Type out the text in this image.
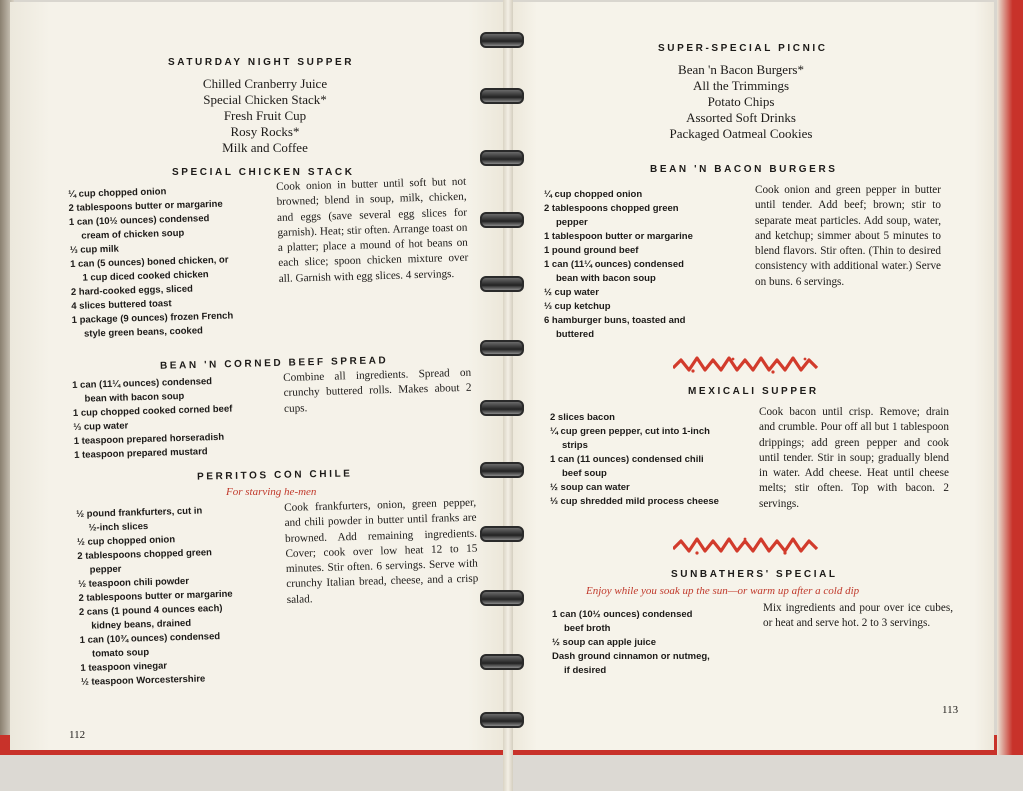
SATURDAY NIGHT SUPPER
Chilled Cranberry Juice
Special Chicken Stack*
Fresh Fruit Cup
Rosy Rocks*
Milk and Coffee
SPECIAL CHICKEN STACK
¼ cup chopped onion
2 tablespoons butter or margarine
1 can (10½ ounces) condensed
cream of chicken soup
⅓ cup milk
1 can (5 ounces) boned chicken, or
1 cup diced cooked chicken
2 hard-cooked eggs, sliced
4 slices buttered toast
1 package (9 ounces) frozen French
style green beans, cooked

Cook onion in butter until soft but not browned; blend in soup, milk, chicken, and eggs (save several egg slices for garnish). Heat; stir often. Arrange toast on a platter; place a mound of hot beans on each slice; spoon chicken mixture over all. Garnish with egg slices. 4 servings.

BEAN 'N CORNED BEEF SPREAD
1 can (11¼ ounces) condensed
bean with bacon soup
1 cup chopped cooked corned beef
⅓ cup water
1 teaspoon prepared horseradish
1 teaspoon prepared mustard

Combine all ingredients. Spread on crunchy buttered rolls. Makes about 2 cups.

PERRITOS CON CHILE
For starving he-men
½ pound frankfurters, cut in
½-inch slices
½ cup chopped onion
2 tablespoons chopped green
pepper
½ teaspoon chili powder
2 tablespoons butter or margarine
2 cans (1 pound 4 ounces each)
kidney beans, drained
1 can (10¾ ounces) condensed
tomato soup
1 teaspoon vinegar
½ teaspoon Worcestershire

Cook frankfurters, onion, green pepper, and chili powder in butter until franks are browned. Add remaining ingredients. Cover; cook over low heat 12 to 15 minutes. Stir often. 6 servings. Serve with crunchy Italian bread, cheese, and a crisp salad.

112
SUPER-SPECIAL PICNIC
Bean 'n Bacon Burgers*
All the Trimmings
Potato Chips
Assorted Soft Drinks
Packaged Oatmeal Cookies
BEAN 'N BACON BURGERS
¼ cup chopped onion
2 tablespoons chopped green
pepper
1 tablespoon butter or margarine
1 pound ground beef
1 can (11¼ ounces) condensed
bean with bacon soup
½ cup water
⅓ cup ketchup
6 hamburger buns, toasted and
buttered

Cook onion and green pepper in butter until tender. Add beef; brown; stir to separate meat particles. Add soup, water, and ketchup; simmer about 5 minutes to blend flavors. Stir often. (Thin to desired consistency with additional water.) Serve on buns. 6 servings.

MEXICALI SUPPER
2 slices bacon
¼ cup green pepper, cut into 1-inch
strips
1 can (11 ounces) condensed chili
beef soup
½ soup can water
⅓ cup shredded mild process cheese

Cook bacon until crisp. Remove; drain and crumble. Pour off all but 1 tablespoon drippings; add green pepper and cook until tender. Stir in soup; gradually blend in water. Add cheese. Heat until cheese melts; stir often. Top with bacon. 2 servings.

SUNBATHERS' SPECIAL
Enjoy while you soak up the sun—or warm up after a cold dip
1 can (10½ ounces) condensed
beef broth
½ soup can apple juice
Dash ground cinnamon or nutmeg,
if desired

Mix ingredients and pour over ice cubes, or heat and serve hot. 2 to 3 servings.

113
